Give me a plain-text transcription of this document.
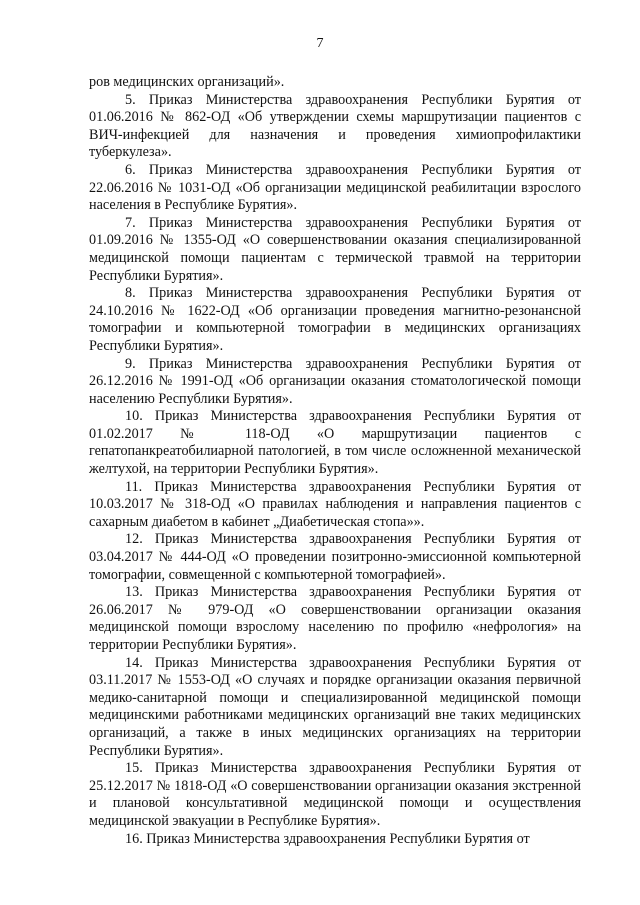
7

ров медицинских организаций».

5. Приказ Министерства здравоохранения Республики Бурятия от 01.06.2016 № 862-ОД «Об утверждении схемы маршрутизации пациентов с ВИЧ-инфекцией для назначения и проведения химиопрофилактики туберкулеза».

6. Приказ Министерства здравоохранения Республики Бурятия от 22.06.2016 № 1031-ОД «Об организации медицинской реабилитации взрослого населения в Республике Бурятия».

7. Приказ Министерства здравоохранения Республики Бурятия от 01.09.2016 № 1355-ОД «О совершенствовании оказания специализированной медицинской помощи пациентам с термической травмой на территории Республики Бурятия».

8. Приказ Министерства здравоохранения Республики Бурятия от 24.10.2016 № 1622-ОД «Об организации проведения магнитно-резонансной томографии и компьютерной томографии в медицинских организациях Республики Бурятия».

9. Приказ Министерства здравоохранения Республики Бурятия от 26.12.2016 № 1991-ОД «Об организации оказания стоматологической помощи населению Республики Бурятия».

10. Приказ Министерства здравоохранения Республики Бурятия от 01.02.2017 № 118-ОД «О маршрутизации пациентов с гепатопанкреатобилиарной патологией, в том числе осложненной механической желтухой, на территории Республики Бурятия».

11. Приказ Министерства здравоохранения Республики Бурятия от 10.03.2017 № 318-ОД «О правилах наблюдения и направления пациентов с сахарным диабетом в кабинет „Диабетическая стопа»».

12. Приказ Министерства здравоохранения Республики Бурятия от 03.04.2017 № 444-ОД «О проведении позитронно-эмиссионной компьютерной томографии, совмещенной с компьютерной томографией».

13. Приказ Министерства здравоохранения Республики Бурятия от 26.06.2017 № 979-ОД «О совершенствовании организации оказания медицинской помощи взрослому населению по профилю «нефрология» на территории Республики Бурятия».

14. Приказ Министерства здравоохранения Республики Бурятия от 03.11.2017 № 1553-ОД «О случаях и порядке организации оказания первичной медико-санитарной помощи и специализированной медицинской помощи медицинскими работниками медицинских организаций вне таких медицинских организаций, а также в иных медицинских организациях на территории Республики Бурятия».

15. Приказ Министерства здравоохранения Республики Бурятия от 25.12.2017 № 1818-ОД «О совершенствовании организации оказания экстренной и плановой консультативной медицинской помощи и осуществления медицинской эвакуации в Республике Бурятия».

16. Приказ Министерства здравоохранения Республики Бурятия от
